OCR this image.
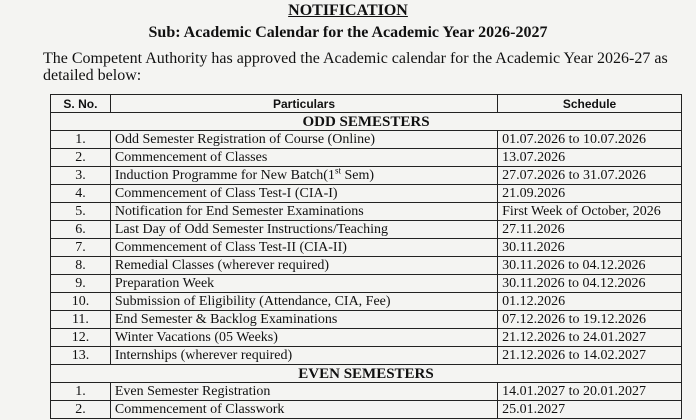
NOTIFICATION
Sub: Academic Calendar for the Academic Year 2026-2027
The Competent Authority has approved the Academic calendar for the Academic Year 2026-27 as detailed below:
S. No.	Particulars	Schedule
ODD SEMESTERS		
1.	Odd Semester Registration of Course (Online)	01.07.2026 to 10.07.2026
2.	Commencement of Classes	13.07.2026
3.	Induction Programme for New Batch(1st Sem)	27.07.2026 to 31.07.2026
4.	Commencement of Class Test-I (CIA-I)	21.09.2026
5.	Notification for End Semester Examinations	First Week of October, 2026
6.	Last Day of Odd Semester Instructions/Teaching	27.11.2026
7.	Commencement of Class Test-II (CIA-II)	30.11.2026
8.	Remedial Classes (wherever required)	30.11.2026 to 04.12.2026
9.	Preparation Week	30.11.2026 to 04.12.2026
10.	Submission of Eligibility (Attendance, CIA, Fee)	01.12.2026
11.	End Semester & Backlog Examinations	07.12.2026 to 19.12.2026
12.	Winter Vacations (05 Weeks)	21.12.2026 to 24.01.2027
13.	Internships (wherever required)	21.12.2026 to 14.02.2027
EVEN SEMESTERS		
1.	Even Semester Registration	14.01.2027 to 20.01.2027
2.	Commencement of Classwork	25.01.2027
